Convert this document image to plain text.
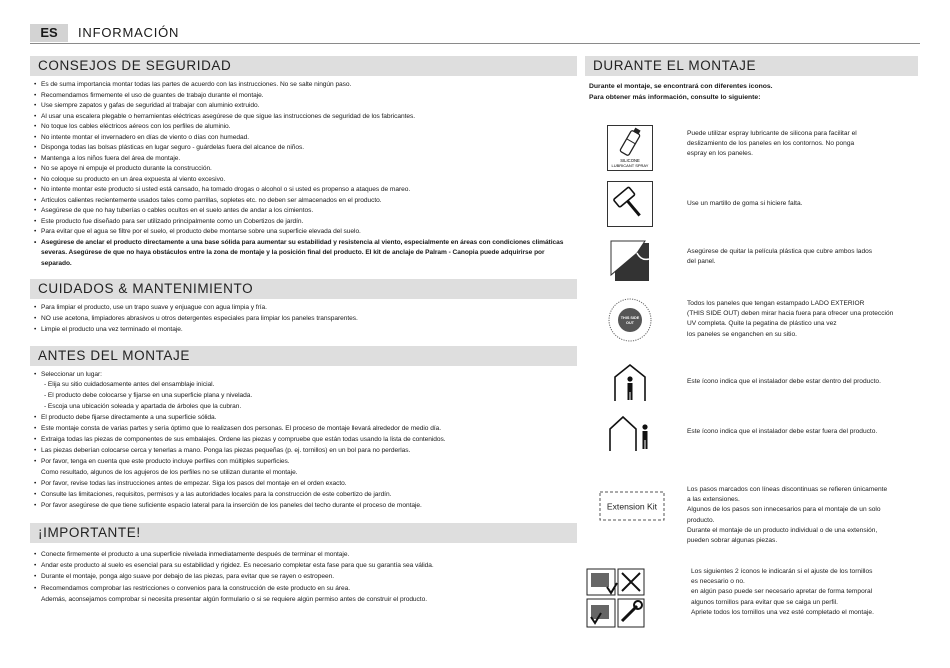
ES	INFORMACIÓN
CONSEJOS DE SEGURIDAD
• Es de suma importancia montar todas las partes de acuerdo con las instrucciones. No se salte ningún paso.
• Recomendamos firmemente el uso de guantes de trabajo durante el montaje.
• Use siempre zapatos y gafas de seguridad al trabajar con aluminio extruido.
• Al usar una escalera plegable o herramientas eléctricas asegúrese de que sigue las instrucciones de seguridad de los fabricantes.
• No toque los cables eléctricos aéreos con los perfiles de aluminio.
• No intente montar el invernadero en días de viento o días con humedad.
• Disponga todas las bolsas plásticas en lugar seguro - guárdelas fuera del alcance de niños.
• Mantenga a los niños fuera del área de montaje.
• No se apoye ni empuje el producto durante la construcción.
• No coloque su producto en un área expuesta al viento excesivo.
• No intente montar este producto si usted está cansado, ha tomado drogas o alcohol o si usted es propenso a ataques de mareo.
• Artículos calientes recientemente usados tales como parrillas, sopletes etc. no deben ser almacenados en el producto.
• Asegúrese de que no hay tuberías o cables ocultos en el suelo antes de andar a los cimientos.
• Este producto fue diseñado para ser utilizado principalmente como un Cobertizos de jardín.
• Para evitar que el agua se filtre por el suelo, el producto debe montarse sobre una superficie elevada del suelo.
• Asegúrese de anclar el producto directamente a una base sólida para aumentar su estabilidad y resistencia al viento, especialmente en áreas con condiciones climáticas severas. Asegúrese de que no haya obstáculos entre la zona de montaje y la posición final del producto. El kit de anclaje de Palram - Canopia puede adquirirse por separado.
CUIDADOS & MANTENIMIENTO
• Para limpiar el producto, use un trapo suave y enjuague con agua limpia y fría.
• NO use acetona, limpiadores abrasivos u otros detergentes especiales para limpiar los paneles transparentes.
• Limpie el producto una vez terminado el montaje.
ANTES DEL MONTAJE
• Seleccionar un lugar:
- Elija su sitio cuidadosamente antes del ensamblaje inicial.
- El producto debe colocarse y fijarse en una superficie plana y nivelada.
- Escoja una ubicación soleada y apartada de árboles que la cubran.
• El producto debe fijarse directamente a una superficie sólida.
• Este montaje consta de varias partes y sería óptimo que lo realizasen dos personas. El proceso de montaje llevará alrededor de medio día.
• Extraiga todas las piezas de componentes de sus embalajes. Ordene las piezas y compruebe que están todas usando la lista de contenidos.
• Las piezas deberían colocarse cerca y tenerlas a mano. Ponga las piezas pequeñas (p. ej. tornillos) en un bol para no perderlas.
• Por favor, tenga en cuenta que este producto incluye perfiles con múltiples superficies.
Como resultado, algunos de los agujeros de los perfiles no se utilizan durante el montaje.
• Por favor, revise todas las instrucciones antes de empezar. Siga los pasos del montaje en el orden exacto.
• Consulte las limitaciones, requisitos, permisos y a las autoridades locales para la construcción de este cobertizo de jardín.
• Por favor asegúrese de que tiene suficiente espacio lateral para la inserción de los paneles del techo durante el proceso de montaje.
¡IMPORTANTE!
• Conecte firmemente el producto a una superficie nivelada inmediatamente después de terminar el montaje.
• Andar este producto al suelo es esencial para su estabilidad y rigidez. Es necesario completar esta fase para que su garantía sea válida.
• Durante el montaje, ponga algo suave por debajo de las piezas, para evitar que se rayen o estropeen.
• Recomendamos comprobar las restricciones o convenios para la construcción de este producto en su área.
Además, aconsejamos comprobar si necesita presentar algún formulario o si se requiere algún permiso antes de construir el producto.
DURANTE EL MONTAJE
Durante el montaje, se encontrará con diferentes iconos.
Para obtener más información, consulte lo siguiente:
SILICONE
LUBRICANT SPRAY
Puede utilizar espray lubricante de silicona para facilitar el
deslizamiento de los paneles en los contornos. No ponga
espray en los paneles.
Use un martillo de goma si hiciere falta.
Asegúrese de quitar la película plástica que cubre ambos lados
del panel.
THIS SIDE
OUT
Todos los paneles que tengan estampado LADO EXTERIOR
(THIS SIDE OUT) deben mirar hacia fuera para ofrecer una protección
UV completa. Quite la pegatina de plástico una vez
los paneles se enganchen en su sitio.
Este ícono indica que el instalador debe estar dentro del producto.
Este ícono indica que el instalador debe estar fuera del producto.
Extension Kit
Los pasos marcados con líneas discontinuas se refieren únicamente
a las extensiones.
Algunos de los pasos son innecesarios para el montaje de un solo
producto.
Durante el montaje de un producto individual o de una extensión,
pueden sobrar algunas piezas.
Los siguientes 2 íconos le indicarán si el ajuste de los tornillos
es necesario o no.
en algún paso puede ser necesario apretar de forma temporal
algunos tornillos para evitar que se caiga un perfil.
Apriete todos los tornillos una vez esté completado el montaje.
